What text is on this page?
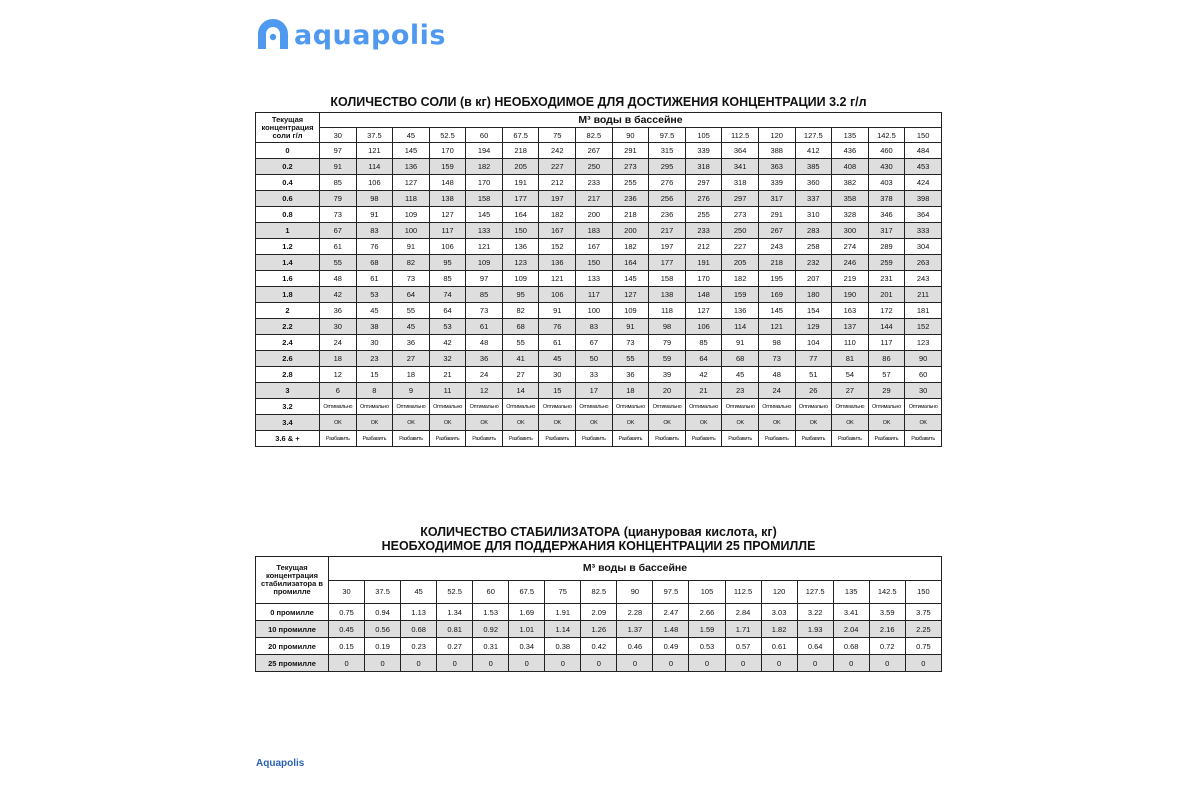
aquapolis
КОЛИЧЕСТВО СОЛИ (в кг) НЕОБХОДИМОЕ ДЛЯ ДОСТИЖЕНИЯ КОНЦЕНТРАЦИИ 3.2 г/л
Текущая концентрация соли г/л	М³ воды в бассейне																
	30	37.5	45	52.5	60	67.5	75	82.5	90	97.5	105	112.5	120	127.5	135	142.5	150
0	97	121	145	170	194	218	242	267	291	315	339	364	388	412	436	460	484
0.2	91	114	136	159	182	205	227	250	273	295	318	341	363	385	408	430	453
0.4	85	106	127	148	170	191	212	233	255	276	297	318	339	360	382	403	424
0.6	79	98	118	138	158	177	197	217	236	256	276	297	317	337	358	378	398
0.8	73	91	109	127	145	164	182	200	218	236	255	273	291	310	328	346	364
1	67	83	100	117	133	150	167	183	200	217	233	250	267	283	300	317	333
1.2	61	76	91	106	121	136	152	167	182	197	212	227	243	258	274	289	304
1.4	55	68	82	95	109	123	136	150	164	177	191	205	218	232	246	259	263
1.6	48	61	73	85	97	109	121	133	145	158	170	182	195	207	219	231	243
1.8	42	53	64	74	85	95	106	117	127	138	148	159	169	180	190	201	211
2	36	45	55	64	73	82	91	100	109	118	127	136	145	154	163	172	181
2.2	30	38	45	53	61	68	76	83	91	98	106	114	121	129	137	144	152
2.4	24	30	36	42	48	55	61	67	73	79	85	91	98	104	110	117	123
2.6	18	23	27	32	36	41	45	50	55	59	64	68	73	77	81	86	90
2.8	12	15	18	21	24	27	30	33	36	39	42	45	48	51	54	57	60
3	6	8	9	11	12	14	15	17	18	20	21	23	24	26	27	29	30
3.2	Оптимально	Оптимально	Оптимально	Оптимально	Оптимально	Оптимально	Оптимально	Оптимально	Оптимально	Оптимально	Оптимально	Оптимально	Оптимально	Оптимально	Оптимально	Оптимально	Оптимально
3.4	OK	OK	OK	OK	OK	OK	OK	OK	OK	OK	OK	OK	OK	OK	OK	OK	OK
3.6 & +	Разбавить	Разбавить	Разбавить	Разбавить	Разбавить	Разбавить	Разбавить	Разбавить	Разбавить	Разбавить	Разбавить	Разбавить	Разбавить	Разбавить	Разбавить	Разбавить	Разбавить
КОЛИЧЕСТВО СТАБИЛИЗАТОРА (циануровая кислота, кг)
НЕОБХОДИМОЕ ДЛЯ ПОДДЕРЖАНИЯ КОНЦЕНТРАЦИИ 25 ПРОМИЛЛЕ
Текущая концентрация стабилизатора в промилле	М³ воды в бассейне																
	30	37.5	45	52.5	60	67.5	75	82.5	90	97.5	105	112.5	120	127.5	135	142.5	150
0 промилле	0.75	0.94	1.13	1.34	1.53	1.69	1.91	2.09	2.28	2.47	2.66	2.84	3.03	3.22	3.41	3.59	3.75
10 промилле	0.45	0.56	0.68	0.81	0.92	1.01	1.14	1.26	1.37	1.48	1.59	1.71	1.82	1.93	2.04	2.16	2.25
20 промилле	0.15	0.19	0.23	0.27	0.31	0.34	0.38	0.42	0.46	0.49	0.53	0.57	0.61	0.64	0.68	0.72	0.75
25 промилле	0	0	0	0	0	0	0	0	0	0	0	0	0	0	0	0	0
Aquapolis
